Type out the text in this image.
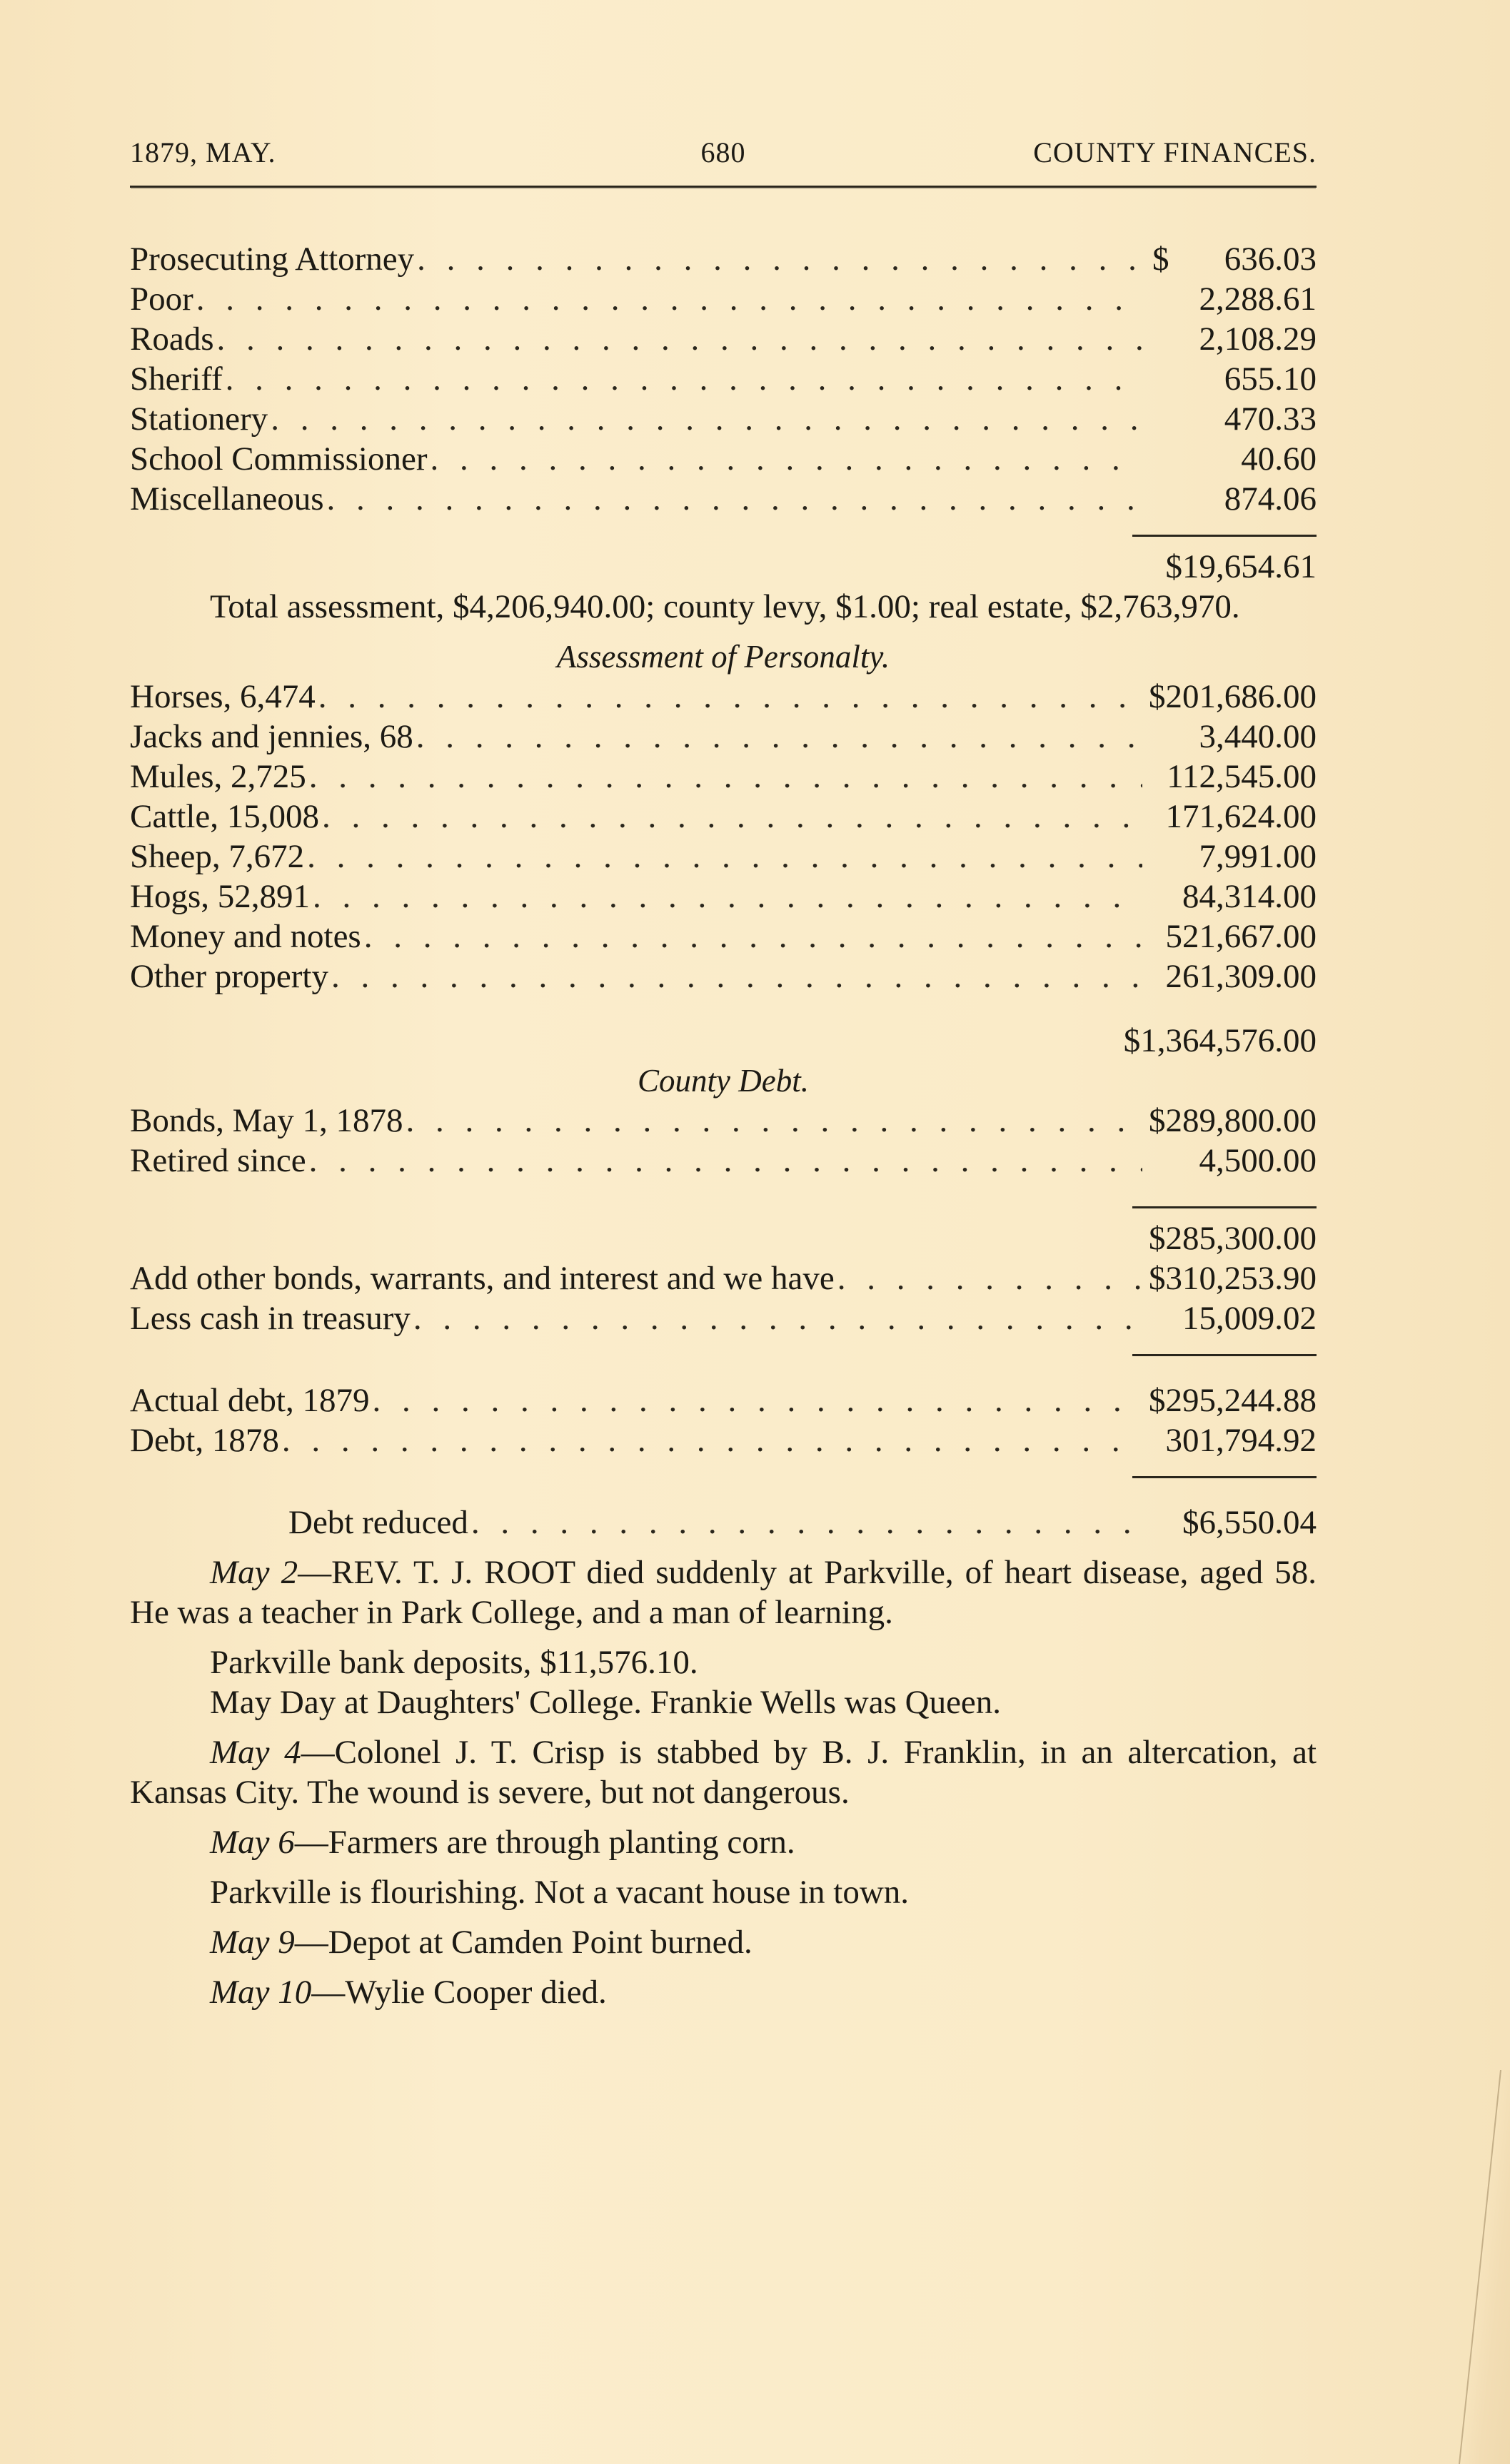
1879, MAY.	680	COUNTY FINANCES.
Prosecuting Attorney . . .	$	636.03
Poor . . .	2,288.61
Roads . . .	2,108.29
Sheriff . . .	655.10
Stationery . . .	470.33
School Commissioner . . .	40.60
Miscellaneous . . .	874.06
$19,654.61
Total assessment, $4,206,940.00; county levy, $1.00; real estate, $2,763,970.
Assessment of Personalty.
Horses, 6,474 . . .	$201,686.00
Jacks and jennies, 68 . . .	3,440.00
Mules, 2,725 . . .	112,545.00
Cattle, 15,008 . . .	171,624.00
Sheep, 7,672 . . .	7,991.00
Hogs, 52,891 . . .	84,314.00
Money and notes . . .	521,667.00
Other property . . .	261,309.00
$1,364,576.00
County Debt.
Bonds, May 1, 1878 . . .	$289,800.00
Retired since . . .	4,500.00
$285,300.00
Add other bonds, warrants, and interest and we have . . .	$310,253.90
Less cash in treasury . . .	15,009.02
Actual debt, 1879 . . .	$295,244.88
Debt, 1878 . . .	301,794.92
Debt reduced . . .	$6,550.04

May 2—REV. T. J. ROOT died suddenly at Parkville, of heart disease, aged 58. He was a teacher in Park College, and a man of learning.

Parkville bank deposits, $11,576.10.

May Day at Daughters' College. Frankie Wells was Queen.

May 4—Colonel J. T. Crisp is stabbed by B. J. Franklin, in an altercation, at Kansas City. The wound is severe, but not dangerous.

May 6—Farmers are through planting corn.

Parkville is flourishing. Not a vacant house in town.

May 9—Depot at Camden Point burned.

May 10—Wylie Cooper died.
